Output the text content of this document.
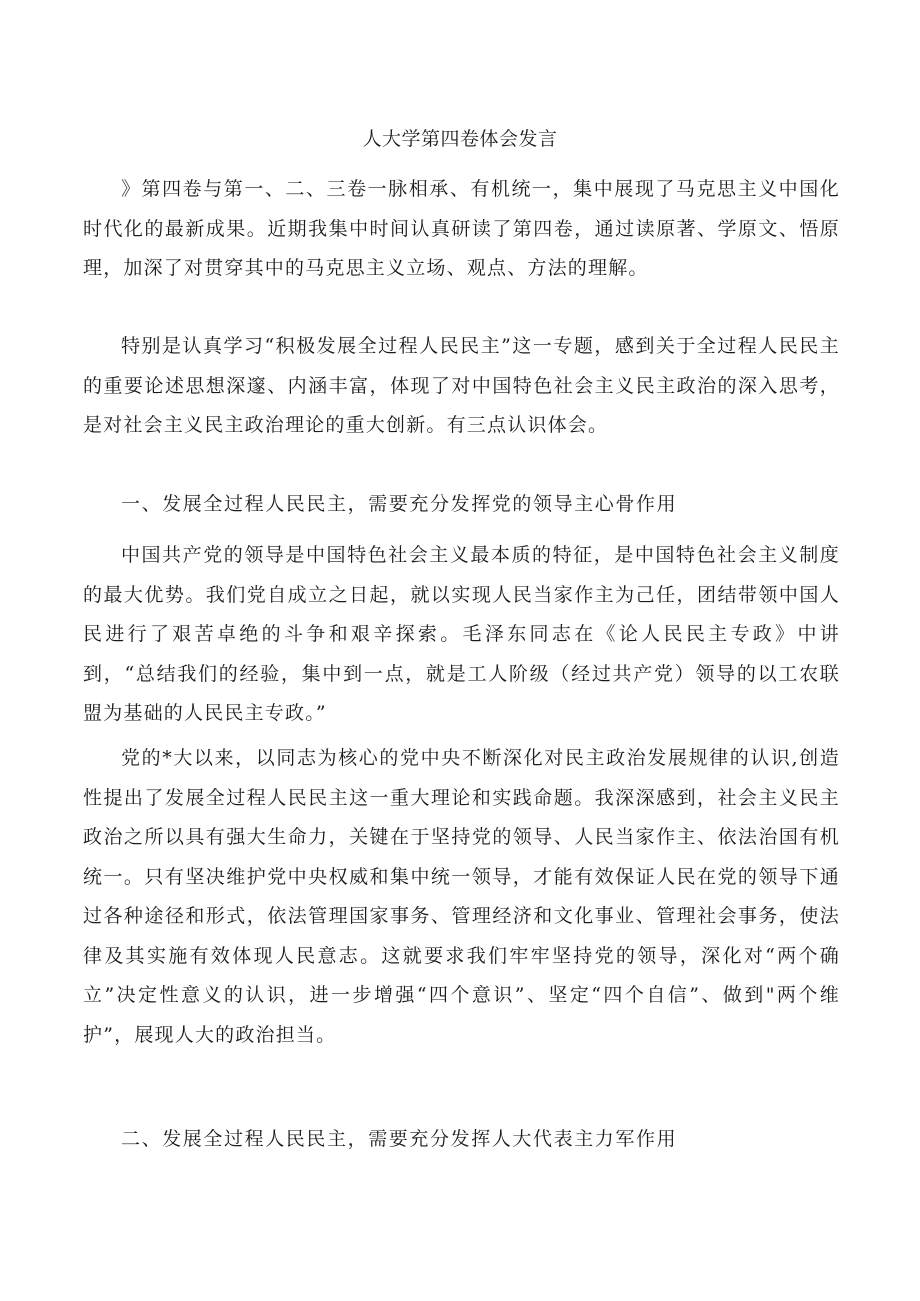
人大学第四卷体会发言

》第四卷与第一、二、三卷一脉相承、有机统一，集中展现了马克思主义中国化时代化的最新成果。近期我集中时间认真研读了第四卷，通过读原著、学原文、悟原理，加深了对贯穿其中的马克思主义立场、观点、方法的理解。

特别是认真学习“积极发展全过程人民民主”这一专题，感到关于全过程人民民主的重要论述思想深邃、内涵丰富，体现了对中国特色社会主义民主政治的深入思考，是对社会主义民主政治理论的重大创新。有三点认识体会。

一、发展全过程人民民主，需要充分发挥党的领导主心骨作用

中国共产党的领导是中国特色社会主义最本质的特征，是中国特色社会主义制度的最大优势。我们党自成立之日起，就以实现人民当家作主为己任，团结带领中国人民进行了艰苦卓绝的斗争和艰辛探索。毛泽东同志在《论人民民主专政》中讲到，“总结我们的经验，集中到一点，就是工人阶级（经过共产党）领导的以工农联盟为基础的人民民主专政。”

党的*大以来，以同志为核心的党中央不断深化对民主政治发展规律的认识,创造性提出了发展全过程人民民主这一重大理论和实践命题。我深深感到，社会主义民主政治之所以具有强大生命力，关键在于坚持党的领导、人民当家作主、依法治国有机统一。只有坚决维护党中央权威和集中统一领导，才能有效保证人民在党的领导下通过各种途径和形式，依法管理国家事务、管理经济和文化事业、管理社会事务，使法律及其实施有效体现人民意志。这就要求我们牢牢坚持党的领导，深化对“两个确立”决定性意义的认识，进一步增强“四个意识”、坚定“四个自信”、做到"两个维护”，展现人大的政治担当。

二、发展全过程人民民主，需要充分发挥人大代表主力军作用
